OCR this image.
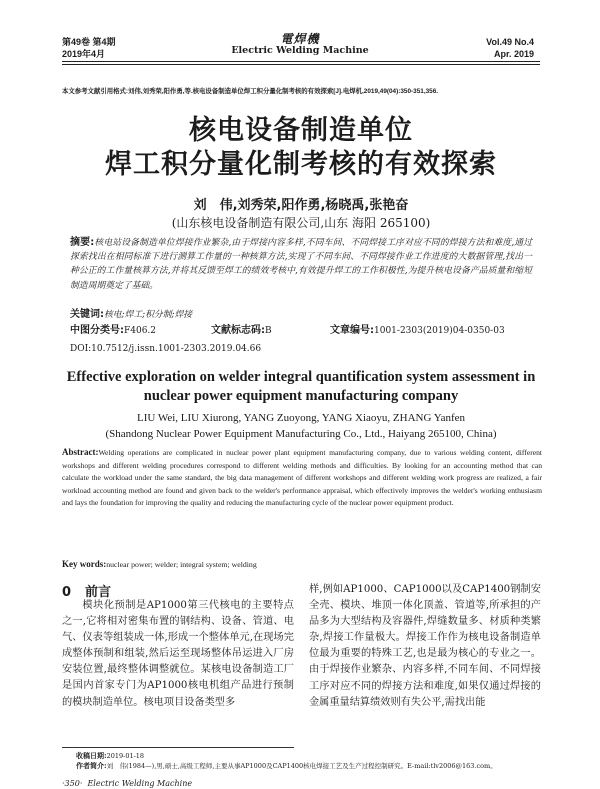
第49卷 第4期
2019年4月
電焊機
Electric Welding Machine
Vol.49 No.4
Apr. 2019
本文参考文献引用格式:刘伟,刘秀荣,阳作勇,等.核电设备制造单位焊工积分量化制考核的有效探索[J].电焊机,2019,49(04):350-351,356.
核电设备制造单位
焊工积分量化制考核的有效探索
刘　伟,刘秀荣,阳作勇,杨晓禹,张艳奋
(山东核电设备制造有限公司,山东 海阳 265100)
摘要:核电站设备制造单位焊接作业繁杂,由于焊接内容多样,不同车间、不同焊接工序对应不同的焊接方法和难度,通过探索找出在相同标准下进行测算工作量的一种核算方法,实现了不同车间、不同焊接作业工作进度的大数据管理,找出一种公正的工作量核算方法,并将其反馈至焊工的绩效考核中,有效提升焊工的工作积极性,为提升核电设备产品质量和缩短制造周期奠定了基础。
关键词:核电;焊工;积分制;焊接
中图分类号:F406.2	文献标志码:B	文章编号:1001-2303(2019)04-0350-03
DOI:10.7512/j.issn.1001-2303.2019.04.66
Effective exploration on welder integral quantification system assessment in nuclear power equipment manufacturing company
LIU Wei, LIU Xiurong, YANG Zuoyong, YANG Xiaoyu, ZHANG Yanfen
(Shandong Nuclear Power Equipment Manufacturing Co., Ltd., Haiyang 265100, China)
Abstract:Welding operations are complicated in nuclear power plant equipment manufacturing company, due to various welding content, different workshops and different welding procedures correspond to different welding methods and difficulties. By looking for an accounting method that can calculate the workload under the same standard, the big data management of different workshops and different welding work progress are realized, a fair workload accounting method are found and given back to the welder's performance appraisal, which effectively improves the welder's working enthusiasm and lays the foundation for improving the quality and reducing the manufacturing cycle of the nuclear power equipment product.
Key words:nuclear power; welder; integral system; welding
0 前言
模块化预制是AP1000第三代核电的主要特点之一,它将相对密集布置的钢结构、设备、管道、电气、仪表等组装成一体,形成一个整体单元,在现场完成整体预制和组装,然后运至现场整体吊运进入厂房安装位置,最终整体调整就位。某核电设备制造工厂是国内首家专门为AP1000核电机组产品进行预制的模块制造单位。核电项目设备类型多
样,例如AP1000、CAP1000以及CAP1400钢制安全壳、模块、堆顶一体化顶盖、管道等,所承担的产品多为大型结构及容器件,焊缝数量多、材质种类繁杂,焊接工作量极大。焊接工作作为核电设备制造单位最为重要的特殊工艺,也是最为核心的专业之一。由于焊接作业繁杂、内容多样,不同车间、不同焊接工序对应不同的焊接方法和难度,如果仅通过焊接的金属重量结算绩效则有失公平,需找出能
收稿日期:2019-01-18
作者简介:刘　伟(1984—),男,硕士,高级工程师,主要从事AP1000及CAP1400核电焊接工艺及生产过程控制研究。E-mail:tlv2006@163.com。
·350· Electric Welding Machine
